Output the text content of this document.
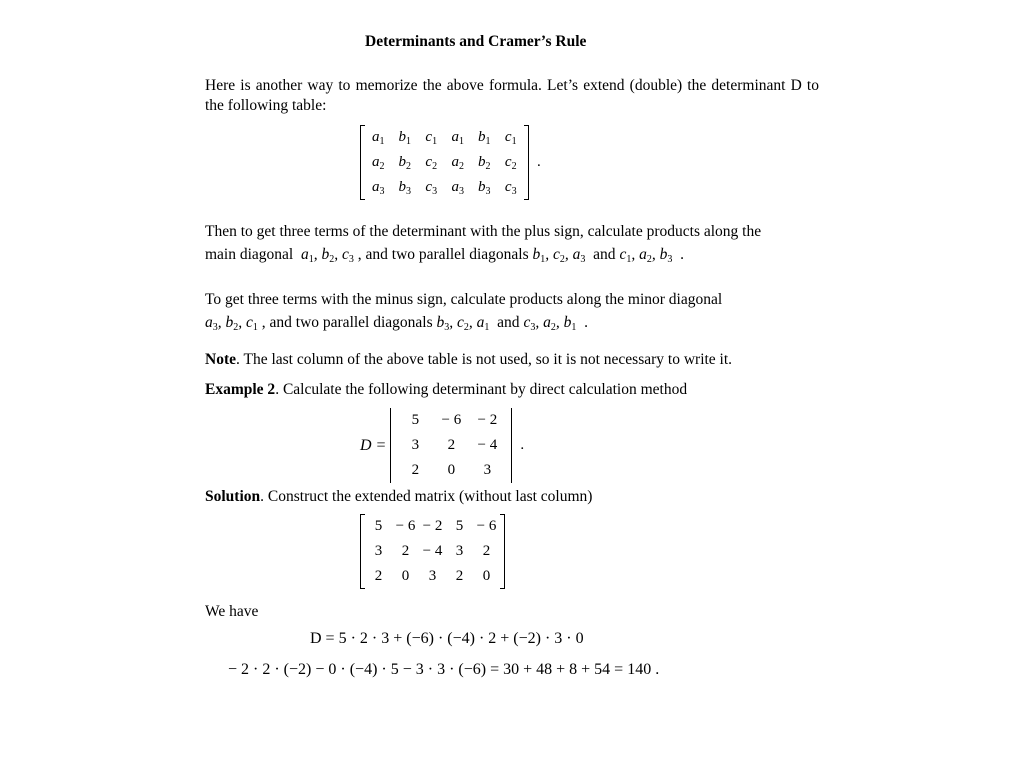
Determinants and Cramer’s Rule
Here is another way to memorize the above formula. Let’s extend (double) the determinant D to the following table:
$a_1$	$b_1$	$c_1$	$a_1$	$b_1$	$c_1$
$a_2$	$b_2$	$c_2$	$a_2$	$b_2$	$c_2$
$a_3$	$b_3$	$c_3$	$a_3$	$b_3$	$c_3$
.
Then to get three terms of the determinant with the plus sign, calculate products along the
main diagonal $a_1$, $b_2$, $c_3$ , and two parallel diagonals $b_1$, $c_2$, $a_3$ and $c_1$, $a_2$, $b_3$ .
To get three terms with the minus sign, calculate products along the minor diagonal
$a_3$, $b_2$, $c_1$ , and two parallel diagonals $b_3$, $c_2$, $a_1$ and $c_3$, $a_2$, $b_1$ .
Note. The last column of the above table is not used, so it is not necessary to write it.
Example 2. Calculate the following determinant by direct calculation method
D =
5	− 6	− 2
3	2	− 4
2	0	3
.
Solution. Construct the extended matrix (without last column)
5	− 6	− 2	5	− 6
3	2	− 4	3	2
2	0	3	2	0
We have
D = 5 · 2 · 3 + (−6) · (−4) · 2 + (−2) · 3 · 0
− 2 · 2 · (−2) − 0 · (−4) · 5 − 3 · 3 · (−6) = 30 + 48 + 8 + 54 = 140 .
